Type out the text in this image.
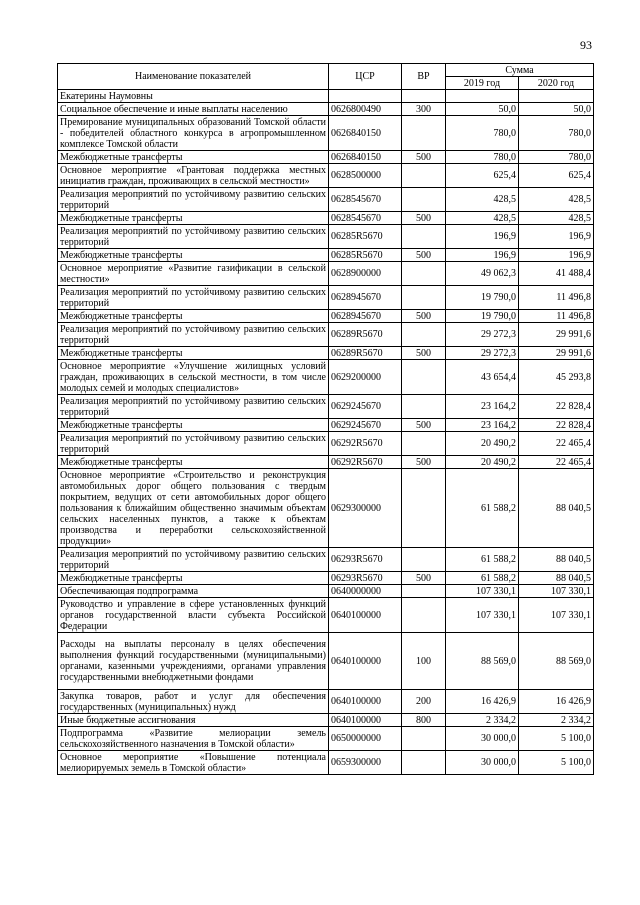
93
Наименование показателей	ЦСР	ВР	Сумма	
			2019 год	2020 год
Екатерины Наумовны				
Социальное обеспечение и иные выплаты населению	0626800490	300	50,0	50,0
Премирование муниципальных образований Томской области - победителей областного конкурса в агропромышленном комплексе Томской области	0626840150		780,0	780,0
Межбюджетные трансферты	0626840150	500	780,0	780,0
Основное мероприятие «Грантовая поддержка местных инициатив граждан, проживающих в сельской местности»	0628500000		625,4	625,4
Реализация мероприятий по устойчивому развитию сельских территорий	0628545670		428,5	428,5
Межбюджетные трансферты	0628545670	500	428,5	428,5
Реализация мероприятий по устойчивому развитию сельских территорий	06285R5670		196,9	196,9
Межбюджетные трансферты	06285R5670	500	196,9	196,9
Основное мероприятие «Развитие газификации в сельской местности»	0628900000		49 062,3	41 488,4
Реализация мероприятий по устойчивому развитию сельских территорий	0628945670		19 790,0	11 496,8
Межбюджетные трансферты	0628945670	500	19 790,0	11 496,8
Реализация мероприятий по устойчивому развитию сельских территорий	06289R5670		29 272,3	29 991,6
Межбюджетные трансферты	06289R5670	500	29 272,3	29 991,6
Основное мероприятие «Улучшение жилищных условий граждан, проживающих в сельской местности, в том числе молодых семей и молодых специалистов»	0629200000		43 654,4	45 293,8
Реализация мероприятий по устойчивому развитию сельских территорий	0629245670		23 164,2	22 828,4
Межбюджетные трансферты	0629245670	500	23 164,2	22 828,4
Реализация мероприятий по устойчивому развитию сельских территорий	06292R5670		20 490,2	22 465,4
Межбюджетные трансферты	06292R5670	500	20 490,2	22 465,4
Основное мероприятие «Строительство и реконструкция автомобильных дорог общего пользования с твердым покрытием, ведущих от сети автомобильных дорог общего пользования к ближайшим общественно значимым объектам сельских населенных пунктов, а также к объектам производства и переработки сельскохозяйственной продукции»	0629300000		61 588,2	88 040,5
Реализация мероприятий по устойчивому развитию сельских территорий	06293R5670		61 588,2	88 040,5
Межбюджетные трансферты	06293R5670	500	61 588,2	88 040,5
Обеспечивающая подпрограмма	0640000000		107 330,1	107 330,1
Руководство и управление в сфере установленных функций органов государственной власти субъекта Российской Федерации	0640100000		107 330,1	107 330,1
Расходы на выплаты персоналу в целях обеспечения выполнения функций государственными (муниципальными) органами, казенными учреждениями, органами управления государственными внебюджетными фондами	0640100000	100	88 569,0	88 569,0
Закупка товаров, работ и услуг для обеспечения государственных (муниципальных) нужд	0640100000	200	16 426,9	16 426,9
Иные бюджетные ассигнования	0640100000	800	2 334,2	2 334,2
Подпрограмма «Развитие мелиорации земель сельскохозяйственного назначения в Томской области»	0650000000		30 000,0	5 100,0
Основное мероприятие «Повышение потенциала мелиорируемых земель в Томской области»	0659300000		30 000,0	5 100,0
